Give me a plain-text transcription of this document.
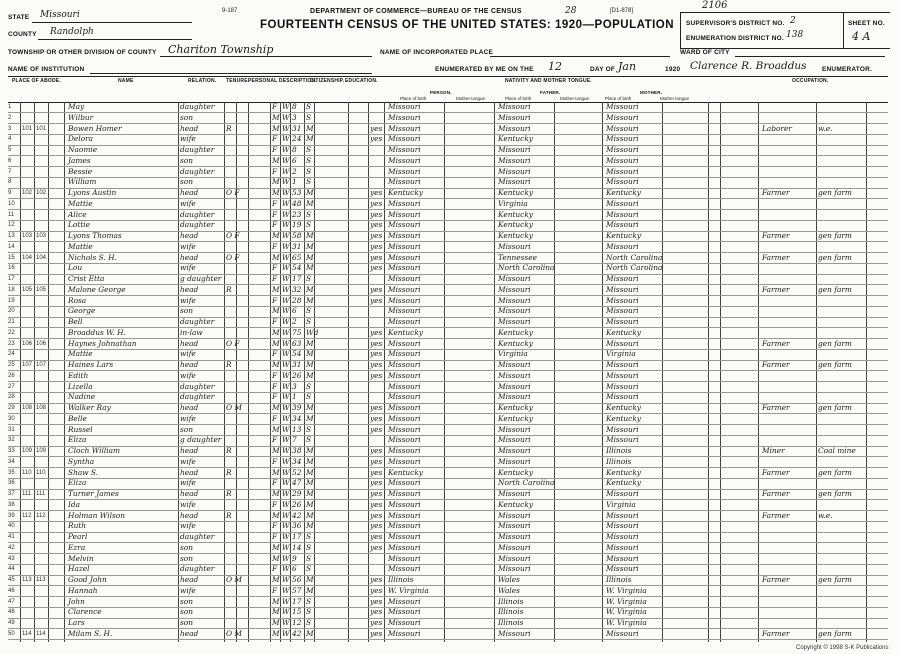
9-187	DEPARTMENT OF COMMERCE—BUREAU OF THE CENSUS
2106
28	[D1-878]
FOURTEENTH CENSUS OF THE UNITED STATES: 1920—POPULATION
STATE Missouri
COUNTY Randolph
TOWNSHIP OR OTHER DIVISION OF COUNTY Chariton Township
NAME OF INSTITUTION
NAME OF INCORPORATED PLACE	WARD OF CITY
ENUMERATED BY ME ON THE 12	DAY OF Jan	1920 Clarence R. Broaddus ENUMERATOR.
SUPERVISOR'S DISTRICT NO. 2
ENUMERATION DISTRICT NO. 138
SHEET NO.
4 A
PLACE OF ABODE.	NAME	RELATION. TENURE.
PERSONAL DESCRIPTION.
CITIZENSHIP. EDUCATION.	NATIVITY AND MOTHER TONGUE.	OCCUPATION.
PERSON.	FATHER.	MOTHER.
Place of birth	Mother tongue	Place of birth	Mother tongue	Place of birth	Mother tongue
1	May	daughter	F W 8	S	Missouri	Missouri	Missouri
2	Wilbur	son	M W 3	S	Missouri	Missouri	Missouri
3	101 101	Bowen Homer	head	R	M W 31 M	yes Missouri	Missouri	Missouri	Laborer	w.e.
4	Delora	wife	F W 24 M	yes Missouri	Kentucky	Missouri
5	Naomie	daughter	F W 8	S	Missouri	Missouri	Missouri
6	James	son	M W 6	S	Missouri	Missouri	Missouri
7	Bessie	daughter	F W 2	S	Missouri	Missouri	Missouri
8	William	son	M W 1	S	Missouri	Missouri	Missouri
9	102 102	Lyons Austin	head	O F	M W 53 M	yes Kentucky	Kentucky	Kentucky	Farmer	gen farm
10	Mattie	wife	F W 48 M	yes Missouri	Virginia	Missouri
11	Alice	daughter	F W 23 S	yes Missouri	Kentucky	Missouri
12	Lottie	daughter	F W 19 S	yes Missouri	Kentucky	Missouri
13	103 103	Lyons Thomas	head	O F	M W 58 M	yes Missouri	Kentucky	Kentucky	Farmer	gen farm
14	Mattie	wife	F W 31 M	yes Missouri	Missouri	Missouri
15	104 104	Nichols S. H.	head	O F	M W 65 M	yes Missouri	Tennessee	North Carolina	Farmer	gen farm
16	Lou	wife	F W 54 M	yes Missouri	North Carolina	North Carolina
17	Crist Etta	g daughter	F W 17 S	Missouri	Missouri	Missouri
18	105 105	Malone George	head	R	M W 32 M	yes Missouri	Missouri	Missouri	Farmer	gen farm
19	Rosa	wife	F W 28 M	yes Missouri	Missouri	Missouri
20	George	son	M W 6	S	Missouri	Missouri	Missouri
21	Bell	daughter	F W 2	S	Missouri	Missouri	Missouri
22	Broaddus W. H.	in-law	M W 75 Wd	yes Kentucky	Kentucky	Kentucky
23	106 106	Haynes Johnathan	head	O F	M W 63 M	yes Missouri	Kentucky	Missouri	Farmer	gen farm
24	Mattie	wife	F W 54 M	yes Missouri	Virginia	Virginia
25	107 107	Haines Lars	head	R	M W 31 M	yes Missouri	Missouri	Missouri	Farmer	gen farm
26	Edith	wife	F W 26 M	yes Missouri	Missouri	Missouri
27	Lizella	daughter	F W 3	S	Missouri	Missouri	Missouri
28	Nadine	daughter	F W 1	S	Missouri	Missouri	Missouri
29	108 108	Walker Ray	head	O M	M W 39 M	yes Missouri	Kentucky	Kentucky	Farmer	gen farm
30	Belle	wife	F W 34 M	yes Missouri	Kentucky	Kentucky
31	Russel	son	M W 13 S	yes Missouri	Missouri	Missouri
32	Eliza	g daughter	F W 7	S	Missouri	Missouri	Missouri
33	109 109	Cloch William	head	R	M W 38 M	yes Missouri	Missouri	Illinois	Miner	Coal mine
34	Syntha	wife	F W 34 M	yes Missouri	Missouri	Illinois
35	110 110	Shaw S.	head	R	M W 52 M	yes Kentucky	Kentucky	Kentucky	Farmer	gen farm
36	Eliza	wife	F W 47 M	yes Missouri	North Carolina	Kentucky
37	111 111	Turner James	head	R	M W 29 M	yes Missouri	Missouri	Missouri	Farmer	gen farm
38	Ida	wife	F W 26 M	yes Missouri	Kentucky	Virginia
39	112 112	Holman Wilson	head	R	M W 42 M	yes Missouri	Missouri	Missouri	Farmer	w.e.
40	Ruth	wife	F W 36 M	yes Missouri	Missouri	Missouri
41	Pearl	daughter	F W 17 S	yes Missouri	Missouri	Missouri
42	Ezra	son	M W 14 S	yes Missouri	Missouri	Missouri
43	Melvin	son	M W 9	S	Missouri	Missouri	Missouri
44	Hazel	daughter	F W 6	S	Missouri	Missouri	Missouri
45	113 113	Good John	head	O M	M W 56 M	yes Illinois	Wales	Illinois	Farmer	gen farm
46	Hannah	wife	F W 57 M	yes W. Virginia	Wales	W. Virginia
47	John	son	M W 17 S	yes Missouri	Illinois	W. Virginia
48	Clarence	son	M W 15 S	yes Missouri	Illinois	W. Virginia
49	Lars	son	M W 12 S	yes Missouri	Illinois	W. Virginia
50	114 114	Milam S. H.	head	O M	M W 42 M	yes Missouri	Missouri	Missouri	Farmer	gen farm
Copyright © 1998 S-K Publications
